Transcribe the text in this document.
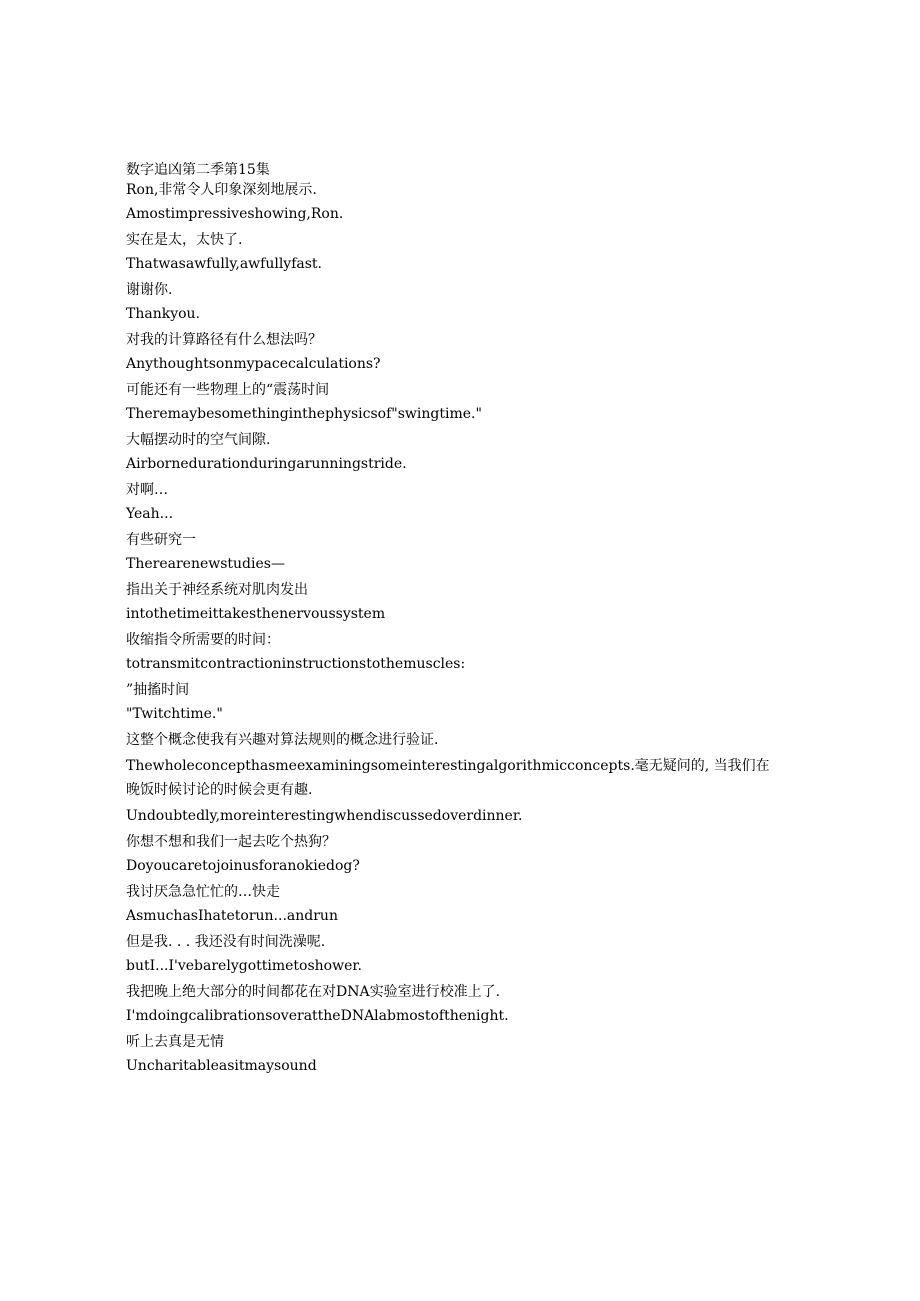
数字追凶第二季第15集
Ron,非常令人印象深刻地展示.
Amostimpressiveshowing,Ron.
实在是太，太快了.
Thatwasawfully,awfullyfast.
谢谢你.
Thankyou.
对我的计算路径有什么想法吗？
Anythoughtsonmypacecalculations?
可能还有一些物理上的“震荡时间
Theremaybesomethinginthephysicsof"swingtime."
大幅摆动时的空气间隙.
Airbornedurationduringarunningstride.
对啊…
Yeah...
有些研究一
Therearenewstudies—
指出关于神经系统对肌肉发出
intothetimeittakesthenervoussystem
收缩指令所需要的时间：
totransmitcontractioninstructionstothemuscles:
”抽搐时间
"Twitchtime."
这整个概念使我有兴趣对算法规则的概念进行验证.
Thewholeconcepthasmeexaminingsomeinterestingalgorithmicconcepts.毫无疑问的, 当我们在晚饭时候讨论的时候会更有趣.
Undoubtedly,moreinterestingwhendiscussedoverdinner.
你想不想和我们一起去吃个热狗？
Doyoucaretojoinusforanokiedog?
我讨厌急急忙忙的…快走
AsmuchasIhatetorun...andrun
但是我. . . 我还没有时间洗澡呢.
butI...I'vebarelygottimetoshower.
我把晚上绝大部分的时间都花在对DNA实验室进行校准上了.
I'mdoingcalibrationsoverattheDNAlabmostofthenight.
听上去真是无情
Uncharitableasitmaysound
